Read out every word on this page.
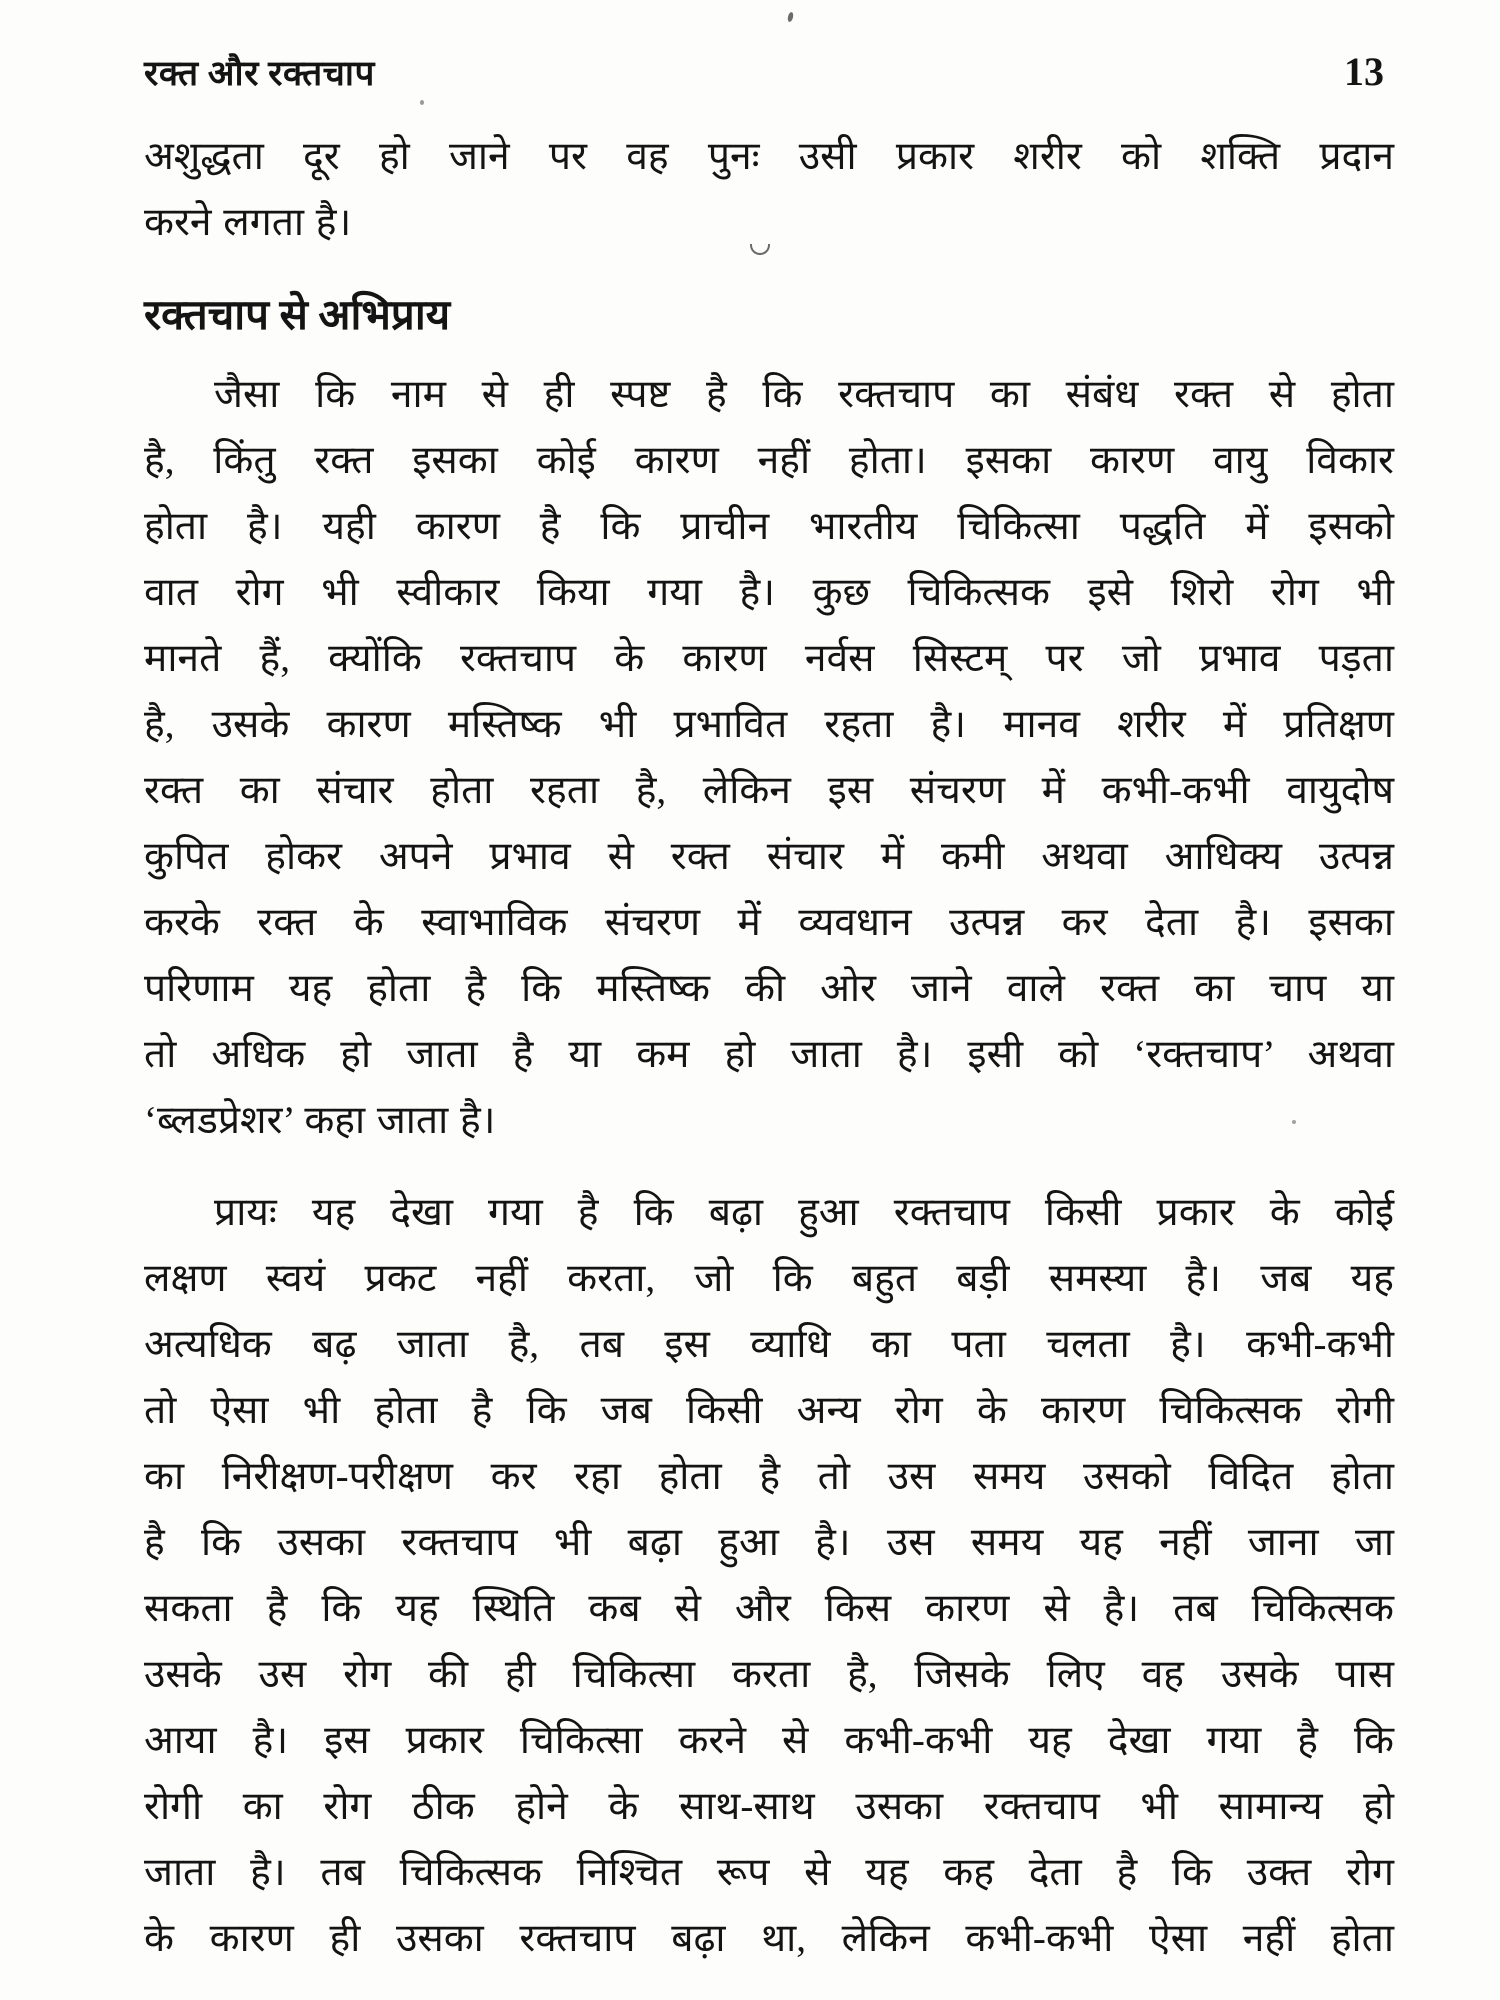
रक्त और रक्तचाप	13
अशुद्धता दूर हो जाने पर वह पुनः उसी प्रकार शरीर को शक्ति प्रदान
करने लगता है।
रक्तचाप से अभिप्राय
जैसा कि नाम से ही स्पष्ट है कि रक्तचाप का संबंध रक्त से होता
है, किंतु रक्त इसका कोई कारण नहीं होता। इसका कारण वायु विकार
होता है। यही कारण है कि प्राचीन भारतीय चिकित्सा पद्धति में इसको
वात रोग भी स्वीकार किया गया है। कुछ चिकित्सक इसे शिरो रोग भी
मानते हैं, क्योंकि रक्तचाप के कारण नर्वस सिस्टम् पर जो प्रभाव पड़ता
है, उसके कारण मस्तिष्क भी प्रभावित रहता है। मानव शरीर में प्रतिक्षण
रक्त का संचार होता रहता है, लेकिन इस संचरण में कभी-कभी वायुदोष
कुपित होकर अपने प्रभाव से रक्त संचार में कमी अथवा आधिक्य उत्पन्न
करके रक्त के स्वाभाविक संचरण में व्यवधान उत्पन्न कर देता है। इसका
परिणाम यह होता है कि मस्तिष्क की ओर जाने वाले रक्त का चाप या
तो अधिक हो जाता है या कम हो जाता है। इसी को ‘रक्तचाप’ अथवा
‘ब्लडप्रेशर’ कहा जाता है।
प्रायः यह देखा गया है कि बढ़ा हुआ रक्तचाप किसी प्रकार के कोई
लक्षण स्वयं प्रकट नहीं करता, जो कि बहुत बड़ी समस्या है। जब यह
अत्यधिक बढ़ जाता है, तब इस व्याधि का पता चलता है। कभी-कभी
तो ऐसा भी होता है कि जब किसी अन्य रोग के कारण चिकित्सक रोगी
का निरीक्षण-परीक्षण कर रहा होता है तो उस समय उसको विदित होता
है कि उसका रक्तचाप भी बढ़ा हुआ है। उस समय यह नहीं जाना जा
सकता है कि यह स्थिति कब से और किस कारण से है। तब चिकित्सक
उसके उस रोग की ही चिकित्सा करता है, जिसके लिए वह उसके पास
आया है। इस प्रकार चिकित्सा करने से कभी-कभी यह देखा गया है कि
रोगी का रोग ठीक होने के साथ-साथ उसका रक्तचाप भी सामान्य हो
जाता है। तब चिकित्सक निश्चित रूप से यह कह देता है कि उक्त रोग
के कारण ही उसका रक्तचाप बढ़ा था, लेकिन कभी-कभी ऐसा नहीं होता
